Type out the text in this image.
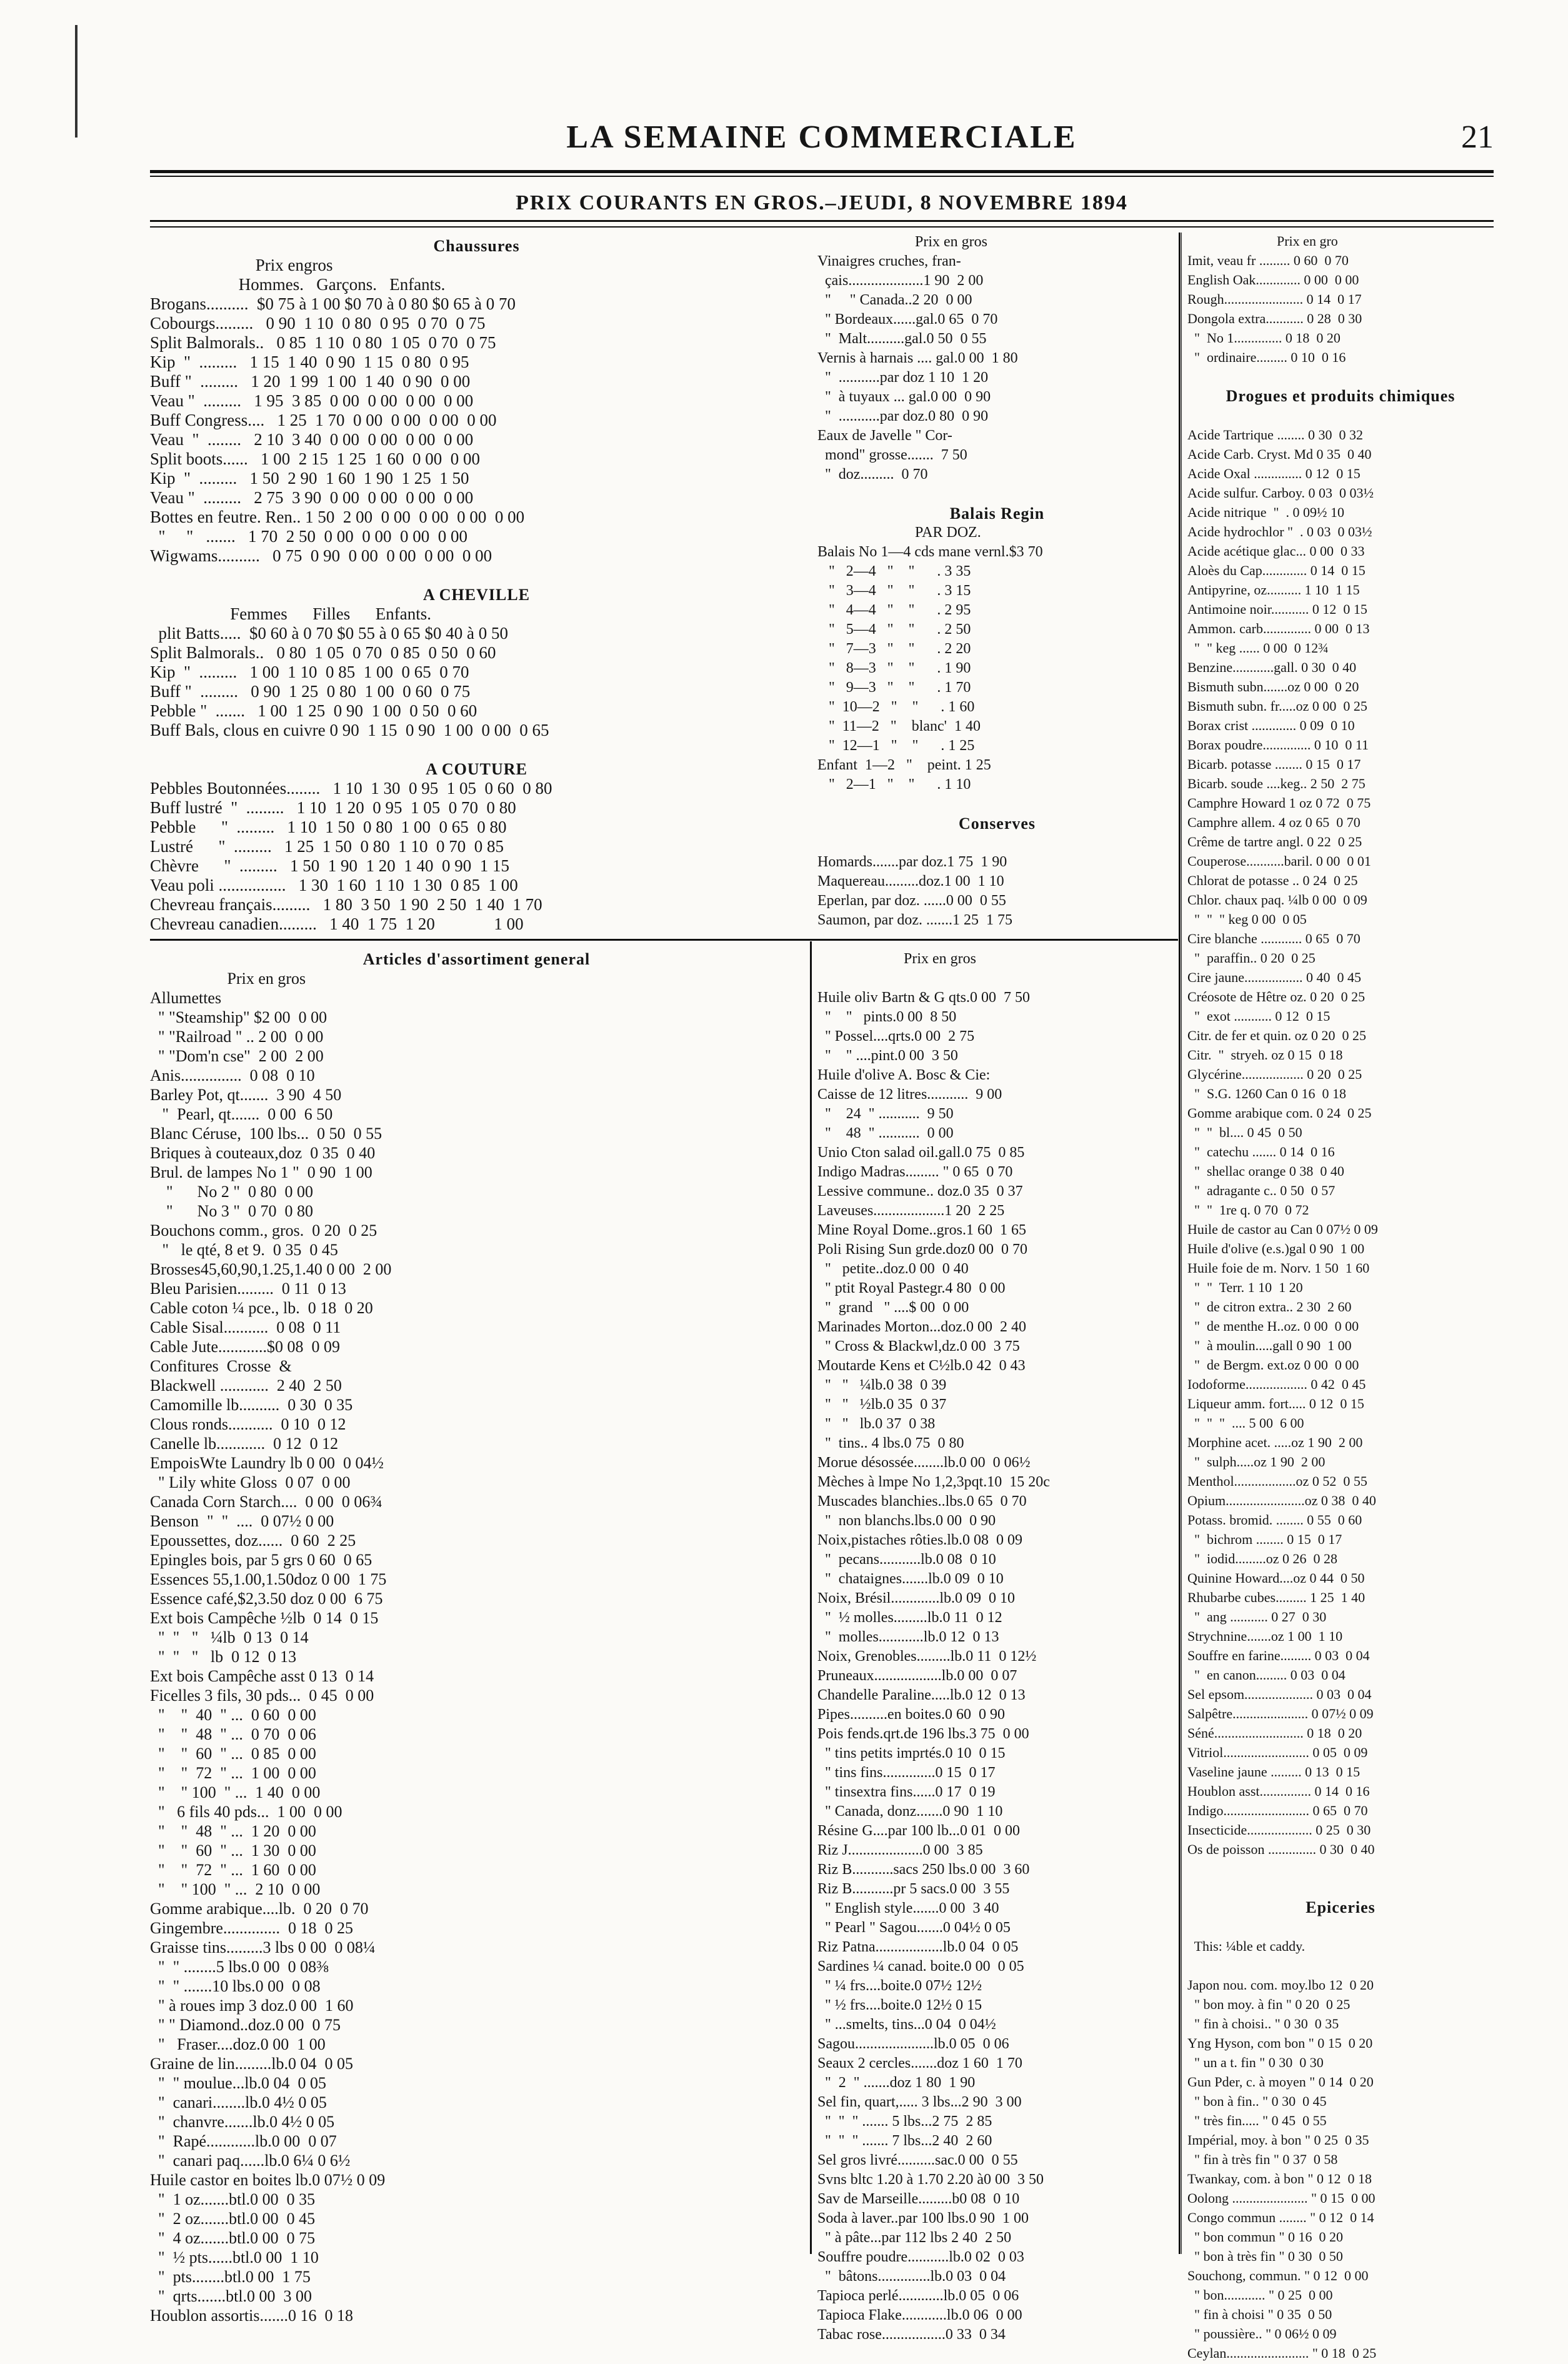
LA SEMAINE COMMERCIALE	21
PRIX COURANTS EN GROS.–JEUDI, 8 NOVEMBRE 1894
Chaussures
Prix engros
Hommes.   Garçons.   Enfants.
Brogans..........  $0 75 à 1 00 $0 70 à 0 80 $0 65 à 0 70
Cobourgs.........   0 90  1 10  0 80  0 95  0 70  0 75
Split Balmorals..   0 85  1 10  0 80  1 05  0 70  0 75
Kip  "  .........   1 15  1 40  0 90  1 15  0 80  0 95
Buff "  .........   1 20  1 99  1 00  1 40  0 90  0 00
Veau "  .........   1 95  3 85  0 00  0 00  0 00  0 00
Buff Congress....   1 25  1 70  0 00  0 00  0 00  0 00
Veau  "  ........   2 10  3 40  0 00  0 00  0 00  0 00
Split boots......   1 00  2 15  1 25  1 60  0 00  0 00
Kip  "  .........   1 50  2 90  1 60  1 90  1 25  1 50
Veau "  .........   2 75  3 90  0 00  0 00  0 00  0 00
Bottes en feutre. Ren.. 1 50  2 00  0 00  0 00  0 00  0 00
"     "   .......   1 70  2 50  0 00  0 00  0 00  0 00
Wigwams..........   0 75  0 90  0 00  0 00  0 00  0 00
A CHEVILLE
Femmes      Filles      Enfants.
plit Batts.....  $0 60 à 0 70 $0 55 à 0 65 $0 40 à 0 50
Split Balmorals..   0 80  1 05  0 70  0 85  0 50  0 60
Kip  "  .........   1 00  1 10  0 85  1 00  0 65  0 70
Buff "  .........   0 90  1 25  0 80  1 00  0 60  0 75
Pebble "  .......   1 00  1 25  0 90  1 00  0 50  0 60
Buff Bals, clous en cuivre 0 90  1 15  0 90  1 00  0 00  0 65
A COUTURE
Pebbles Boutonnées........   1 10  1 30  0 95  1 05  0 60  0 80
Buff lustré  "  .........   1 10  1 20  0 95  1 05  0 70  0 80
Pebble      "  .........   1 10  1 50  0 80  1 00  0 65  0 80
Lustré      "  .........   1 25  1 50  0 80  1 10  0 70  0 85
Chèvre      "  .........   1 50  1 90  1 20  1 40  0 90  1 15
Veau poli ................   1 30  1 60  1 10  1 30  0 85  1 00
Chevreau français.........   1 80  3 50  1 90  2 50  1 40  1 70
Chevreau canadien.........   1 40  1 75  1 20              1 00
Articles d'assortiment general
Prix en gros
Allumettes
" "Steamship" $2 00  0 00
" "Railroad " .. 2 00  0 00
" "Dom'n cse"  2 00  2 00
Anis...............  0 08  0 10
Barley Pot, qt.......  3 90  4 50
"  Pearl, qt.......  0 00  6 50
Blanc Céruse,  100 lbs...  0 50  0 55
Briques à couteaux,doz  0 35  0 40
Brul. de lampes No 1 "  0 90  1 00
"      No 2 "  0 80  0 00
"      No 3 "  0 70  0 80
Bouchons comm., gros.  0 20  0 25
"   le qté, 8 et 9.  0 35  0 45
Brosses45,60,90,1.25,1.40 0 00  2 00
Bleu Parisien.........  0 11  0 13
Cable coton ¼ pce., lb.  0 18  0 20
Cable Sisal...........  0 08  0 11
Cable Jute............$0 08  0 09
Confitures  Crosse  &
Blackwell ............  2 40  2 50
Camomille lb..........  0 30  0 35
Clous ronds...........  0 10  0 12
Canelle lb............  0 12  0 12
EmpoisWte Laundry lb 0 00  0 04½
" Lily white Gloss  0 07  0 00
Canada Corn Starch....  0 00  0 06¾
Benson  "  "  ....  0 07½ 0 00
Epoussettes, doz......  0 60  2 25
Epingles bois, par 5 grs 0 60  0 65
Essences 55,1.00,1.50doz 0 00  1 75
Essence café,$2,3.50 doz 0 00  6 75
Ext bois Campêche ½lb  0 14  0 15
"  "   "   ¼lb  0 13  0 14
"  "   "   lb  0 12  0 13
Ext bois Campêche asst 0 13  0 14
Ficelles 3 fils, 30 pds...  0 45  0 00
"    "  40  " ...  0 60  0 00
"    "  48  " ...  0 70  0 06
"    "  60  " ...  0 85  0 00
"    "  72  " ...  1 00  0 00
"    " 100  " ...  1 40  0 00
"   6 fils 40 pds...  1 00  0 00
"    "  48  " ...  1 20  0 00
"    "  60  " ...  1 30  0 00
"    "  72  " ...  1 60  0 00
"    " 100  " ...  2 10  0 00
Gomme arabique....lb.  0 20  0 70
Gingembre..............  0 18  0 25
Graisse tins.........3 lbs 0 00  0 08¼
"  " ........5 lbs.0 00  0 08⅜
"  " .......10 lbs.0 00  0 08
" à roues imp 3 doz.0 00  1 60
" " Diamond..doz.0 00  0 75
"   Fraser....doz.0 00  1 00
Graine de lin.........lb.0 04  0 05
"  " moulue...lb.0 04  0 05
"  canari........lb.0 4½ 0 05
"  chanvre.......lb.0 4½ 0 05
"  Rapé............lb.0 00  0 07
"  canari paq......lb.0 6¼ 0 6½
Huile castor en boites lb.0 07½ 0 09
"  1 oz.......btl.0 00  0 35
"  2 oz.......btl.0 00  0 45
"  4 oz.......btl.0 00  0 75
"  ½ pts......btl.0 00  1 10
"  pts........btl.0 00  1 75
"  qrts.......btl.0 00  3 00
Houblon assortis.......0 16  0 18
Prix en gros
Huile oliv Bartn & G qts.0 00  7 50
"    "   pints.0 00  8 50
" Possel....qrts.0 00  2 75
"    " ....pint.0 00  3 50
Huile d'olive A. Bosc & Cie:
Caisse de 12 litres...........  9 00
"    24  " ...........  9 50
"    48  " ...........  0 00
Unio Cton salad oil.gall.0 75  0 85
Indigo Madras......... " 0 65  0 70
Lessive commune.. doz.0 35  0 37
Laveuses...................1 20  2 25
Mine Royal Dome..gros.1 60  1 65
Poli Rising Sun grde.doz0 00  0 70
"   petite..doz.0 00  0 40
" ptit Royal Pastegr.4 80  0 00
"  grand   " ....$ 00  0 00
Marinades Morton...doz.0 00  2 40
" Cross & Blackwl,dz.0 00  3 75
Moutarde Kens et C½lb.0 42  0 43
"   "   ¼lb.0 38  0 39
"   "   ½lb.0 35  0 37
"   "   lb.0 37  0 38
"  tins.. 4 lbs.0 75  0 80
Morue désossée........lb.0 00  0 06½
Mèches à lmpe No 1,2,3pqt.10  15 20c
Muscades blanchies..lbs.0 65  0 70
"  non blanchs.lbs.0 00  0 90
Noix,pistaches rôties.lb.0 08  0 09
"  pecans...........lb.0 08  0 10
"  chataignes.......lb.0 09  0 10
Noix, Brésil.............lb.0 09  0 10
"  ½ molles.........lb.0 11  0 12
"  molles............lb.0 12  0 13
Noix, Grenobles.........lb.0 11  0 12½
Pruneaux..................lb.0 00  0 07
Chandelle Paraline.....lb.0 12  0 13
Pipes..........en boites.0 60  0 90
Pois fends.qrt.de 196 lbs.3 75  0 00
" tins petits imprtés.0 10  0 15
" tins fins..............0 15  0 17
" tinsextra fins......0 17  0 19
" Canada, donz.......0 90  1 10
Résine G....par 100 lb...0 01  0 00
Riz J....................0 00  3 85
Riz B...........sacs 250 lbs.0 00  3 60
Riz B...........pr 5 sacs.0 00  3 55
" English style.......0 00  3 40
" Pearl " Sagou.......0 04½ 0 05
Riz Patna..................lb.0 04  0 05
Sardines ¼ canad. boite.0 00  0 05
" ¼ frs....boite.0 07½ 12½
" ½ frs....boite.0 12½ 0 15
" ...smelts, tins...0 04  0 04½
Sagou.....................lb.0 05  0 06
Seaux 2 cercles.......doz 1 60  1 70
"  2  " .......doz 1 80  1 90
Sel fin, quart,..... 3 lbs...2 90  3 00
"  "  " ....... 5 lbs...2 75  2 85
"  "  " ....... 7 lbs...2 40  2 60
Sel gros livré..........sac.0 00  0 55
Svns bltc 1.20 à 1.70 2.20 à0 00  3 50
Sav de Marseille.........b0 08  0 10
Soda à laver..par 100 lbs.0 90  1 00
" à pâte...par 112 lbs 2 40  2 50
Souffre poudre...........lb.0 02  0 03
"  bâtons..............lb.0 03  0 04
Tapioca perlé............lb.0 05  0 06
Tapioca Flake............lb.0 06  0 00
Tabac rose.................0 33  0 34
Prix en gros
Vinaigres cruches, fran-
çais....................1 90  2 00
"     " Canada..2 20  0 00
" Bordeaux......gal.0 65  0 70
"  Malt..........gal.0 50  0 55
Vernis à harnais .... gal.0 00  1 80
"  ...........par doz 1 10  1 20
"  à tuyaux ... gal.0 00  0 90
"  ...........par doz.0 80  0 90
Eaux de Javelle " Cor-
mond" grosse.......  7 50
"  doz.........  0 70
Balais Regin
PAR DOZ.
Balais No 1—4 cds mane vernl.$3 70
"   2—4   "    "      . 3 35
"   3—4   "    "      . 3 15
"   4—4   "    "      . 2 95
"   5—4   "    "      . 2 50
"   7—3   "    "      . 2 20
"   8—3   "    "      . 1 90
"   9—3   "    "      . 1 70
"  10—2   "    "      . 1 60
"  11—2   "    blanc'  1 40
"  12—1   "    "      . 1 25
Enfant  1—2   "    peint. 1 25
"   2—1   "    "      . 1 10
Conserves
Homards.......par doz.1 75  1 90
Maquereau.........doz.1 00  1 10
Eperlan, par doz. ......0 00  0 55
Saumon, par doz. .......1 25  1 75
Prix en gro
Imit, veau fr ......... 0 60  0 70
English Oak............. 0 00  0 00
Rough....................... 0 14  0 17
Dongola extra........... 0 28  0 30
"  No 1.............. 0 18  0 20
"  ordinaire......... 0 10  0 16
Drogues et produits chimiques
Acide Tartrique ........ 0 30  0 32
Acide Carb. Cryst. Md 0 35  0 40
Acide Oxal .............. 0 12  0 15
Acide sulfur. Carboy. 0 03  0 03½
Acide nitrique  "  . 0 09½ 10
Acide hydrochlor "  . 0 03  0 03½
Acide acétique glac... 0 00  0 33
Aloès du Cap............. 0 14  0 15
Antipyrine, oz.......... 1 10  1 15
Antimoine noir........... 0 12  0 15
Ammon. carb.............. 0 00  0 13
"  " keg ...... 0 00  0 12¾
Benzine............gall. 0 30  0 40
Bismuth subn.......oz 0 00  0 20
Bismuth subn. fr.....oz 0 00  0 25
Borax crist ............. 0 09  0 10
Borax poudre.............. 0 10  0 11
Bicarb. potasse ........ 0 15  0 17
Bicarb. soude ....keg.. 2 50  2 75
Camphre Howard 1 oz 0 72  0 75
Camphre allem. 4 oz 0 65  0 70
Crême de tartre angl. 0 22  0 25
Couperose...........baril. 0 00  0 01
Chlorat de potasse .. 0 24  0 25
Chlor. chaux paq. ¼lb 0 00  0 09
"  "  " keg 0 00  0 05
Cire blanche ............ 0 65  0 70
"  paraffin.. 0 20  0 25
Cire jaune................. 0 40  0 45
Créosote de Hêtre oz. 0 20  0 25
"  exot ........... 0 12  0 15
Citr. de fer et quin. oz 0 20  0 25
Citr.  "  stryeh. oz 0 15  0 18
Glycérine.................. 0 20  0 25
"  S.G. 1260 Can 0 16  0 18
Gomme arabique com. 0 24  0 25
"  "  bl.... 0 45  0 50
"  catechu ....... 0 14  0 16
"  shellac orange 0 38  0 40
"  adragante c.. 0 50  0 57
"  "  1re q. 0 70  0 72
Huile de castor au Can 0 07½ 0 09
Huile d'olive (e.s.)gal 0 90  1 00
Huile foie de m. Norv. 1 50  1 60
"  "  Terr. 1 10  1 20
"  de citron extra.. 2 30  2 60
"  de menthe H..oz. 0 00  0 00
"  à moulin.....gall 0 90  1 00
"  de Bergm. ext.oz 0 00  0 00
Iodoforme.................. 0 42  0 45
Liqueur amm. fort..... 0 12  0 15
"  "  "  .... 5 00  6 00
Morphine acet. .....oz 1 90  2 00
"  sulph.....oz 1 90  2 00
Menthol..................oz 0 52  0 55
Opium.......................oz 0 38  0 40
Potass. bromid. ........ 0 55  0 60
"  bichrom ........ 0 15  0 17
"  iodid.........oz 0 26  0 28
Quinine Howard....oz 0 44  0 50
Rhubarbe cubes......... 1 25  1 40
"  ang ........... 0 27  0 30
Strychnine.......oz 1 00  1 10
Souffre en farine......... 0 03  0 04
"  en canon......... 0 03  0 04
Sel epsom.................... 0 03  0 04
Salpêtre...................... 0 07½ 0 09
Séné.......................... 0 18  0 20
Vitriol......................... 0 05  0 09
Vaseline jaune ......... 0 13  0 15
Houblon asst............... 0 14  0 16
Indigo......................... 0 65  0 70
Insecticide................... 0 25  0 30
Os de poisson .............. 0 30  0 40
Epiceries
This: ¼ble et caddy.
Japon nou. com. moy.lbo 12  0 20
" bon moy. à fin " 0 20  0 25
" fin à choisi.. " 0 30  0 35
Yng Hyson, com bon " 0 15  0 20
" un a t. fin " 0 30  0 30
Gun Pder, c. à moyen " 0 14  0 20
" bon à fin.. " 0 30  0 45
" très fin..... " 0 45  0 55
Impérial, moy. à bon " 0 25  0 35
" fin à très fin " 0 37  0 58
Twankay, com. à bon " 0 12  0 18
Oolong ...................... " 0 15  0 00
Congo commun ........ " 0 12  0 14
" bon commun " 0 16  0 20
" bon à très fin " 0 30  0 50
Souchong, commun. " 0 12  0 00
" bon............ " 0 25  0 00
" fin à choisi " 0 35  0 50
" poussière.. " 0 06½ 0 09
Ceylan........................ " 0 18  0 25
